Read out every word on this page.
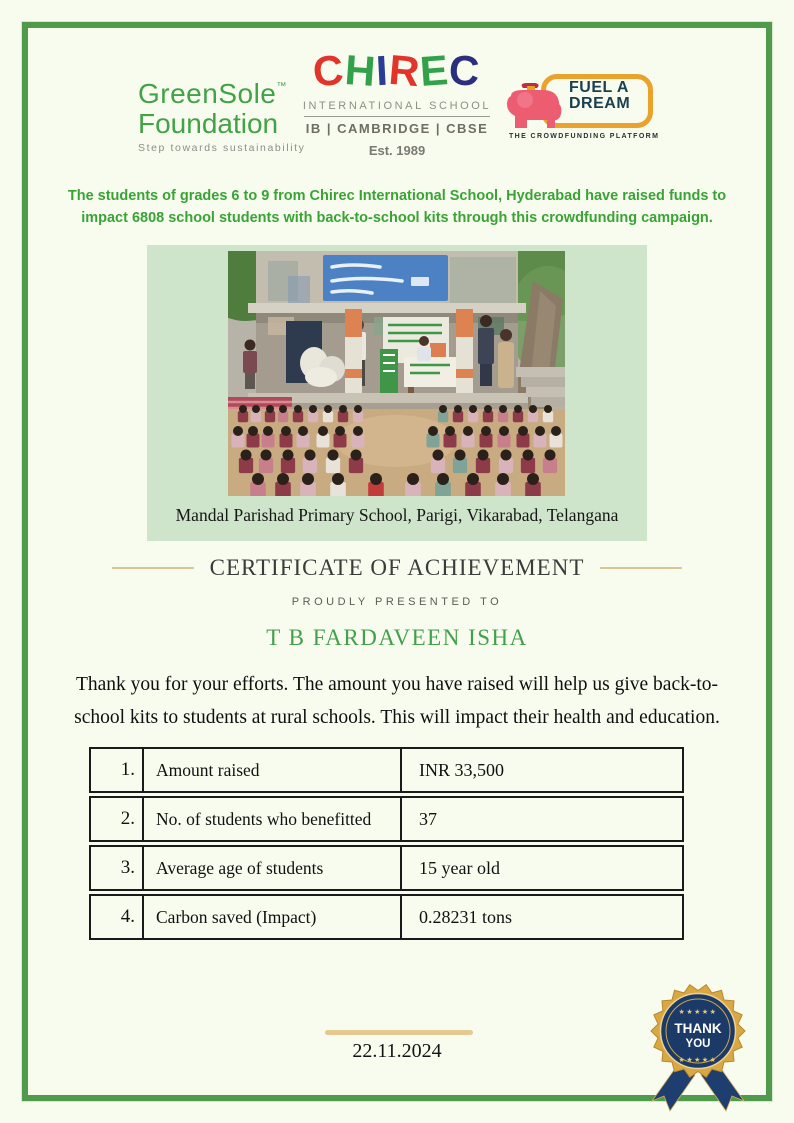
GreenSole™
Foundation
Step towards sustainability
CHIREC
INTERNATIONAL SCHOOL
IB | CAMBRIDGE | CBSE
Est. 1989
FUEL A
DREAM
THE CROWDFUNDING PLATFORM
The students of grades 6 to 9 from Chirec International School, Hyderabad have raised funds to
impact 6808 school students with back-to-school kits through this crowdfunding campaign.
Mandal Parishad Primary School, Parigi, Vikarabad, Telangana
CERTIFICATE OF ACHIEVEMENT
PROUDLY PRESENTED TO
T B FARDAVEEN ISHA
Thank you for your efforts. The amount you have raised will help us give back-to-
school kits to students at rural schools. This will impact their health and education.
1.	Amount raised	INR 33,500
2.	No. of students who benefitted	37
3.	Average age of students	15 year old
4.	Carbon saved (Impact)	0.28231 tons
22.11.2024
★★★★★
THANK
YOU
★★★★★
